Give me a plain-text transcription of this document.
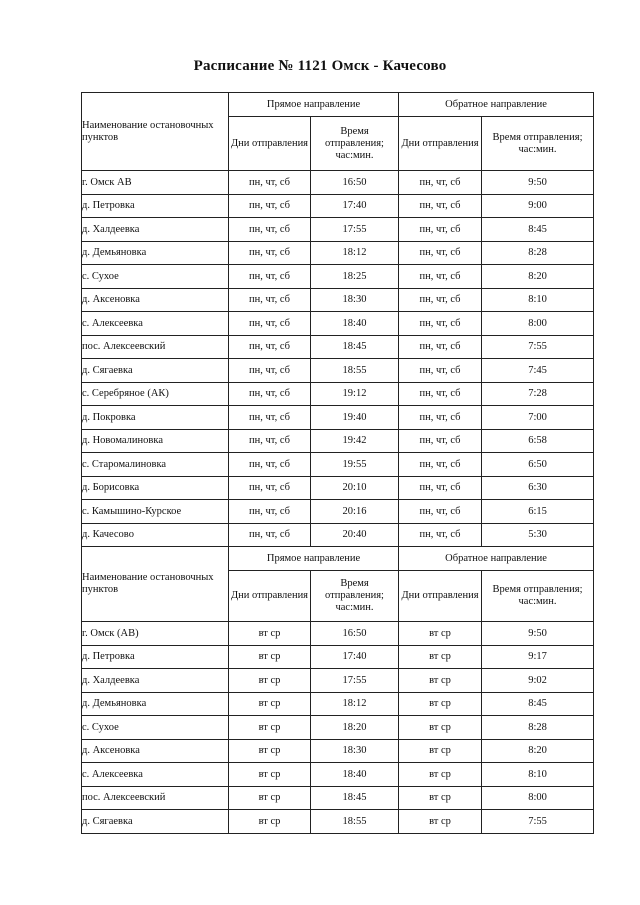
Расписание № 1121 Омск - Качесово
Наименование остановочных пунктов	Прямое направление		Обратное направление	
	Дни отправления	Время отправления; час:мин.	Дни отправления	Время отправления; час:мин.
г. Омск АВ	пн, чт, сб	16:50	пн, чт, сб	9:50
д. Петровка	пн, чт, сб	17:40	пн, чт, сб	9:00
д. Халдеевка	пн, чт, сб	17:55	пн, чт, сб	8:45
д. Демьяновка	пн, чт, сб	18:12	пн, чт, сб	8:28
с. Сухое	пн, чт, сб	18:25	пн, чт, сб	8:20
д. Аксеновка	пн, чт, сб	18:30	пн, чт, сб	8:10
с. Алексеевка	пн, чт, сб	18:40	пн, чт, сб	8:00
пос. Алексеевский	пн, чт, сб	18:45	пн, чт, сб	7:55
д. Сягаевка	пн, чт, сб	18:55	пн, чт, сб	7:45
с. Серебряное (АК)	пн, чт, сб	19:12	пн, чт, сб	7:28
д. Покровка	пн, чт, сб	19:40	пн, чт, сб	7:00
д. Новомалиновка	пн, чт, сб	19:42	пн, чт, сб	6:58
с. Старомалиновка	пн, чт, сб	19:55	пн, чт, сб	6:50
д. Борисовка	пн, чт, сб	20:10	пн, чт, сб	6:30
с. Камышино-Курское	пн, чт, сб	20:16	пн, чт, сб	6:15
д. Качесово	пн, чт, сб	20:40	пн, чт, сб	5:30
Наименование остановочных пунктов	Прямое направление		Обратное направление	
	Дни отправления	Время отправления; час:мин.	Дни отправления	Время отправления; час:мин.
г. Омск (АВ)	вт ср	16:50	вт ср	9:50
д. Петровка	вт ср	17:40	вт ср	9:17
д. Халдеевка	вт ср	17:55	вт ср	9:02
д. Демьяновка	вт ср	18:12	вт ср	8:45
с. Сухое	вт ср	18:20	вт ср	8:28
д. Аксеновка	вт ср	18:30	вт ср	8:20
с. Алексеевка	вт ср	18:40	вт ср	8:10
пос. Алексеевский	вт ср	18:45	вт ср	8:00
д. Сягаевка	вт ср	18:55	вт ср	7:55
